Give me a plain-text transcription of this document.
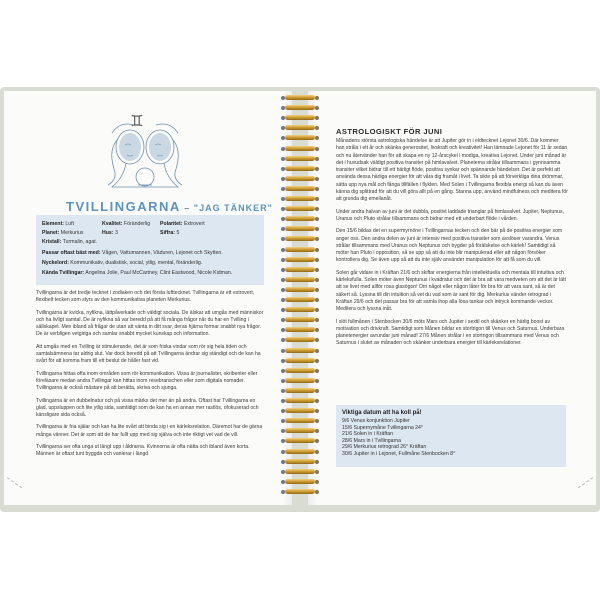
♊
TVILLINGARNA – "JAG TÄNKER"
Element: Luft	Kvalitet: Föränderlig Polaritet: Extrovert
Planet: Merkurius	Hus: 3	Siffra: 5
Kristall: Turmalin, agat.
Passar oftast bäst med: Vågen, Vattumannen, Väduren, Lejonet och Skytten.
Nyckelord: Kommunikativ, dualistisk, social, ytlig, mental, föränderlig.
Kända Tvillingar: Angelina Jolie, Paul McCartney, Clint Eastwood, Nicole Kidman.

Tvillingarna är det tredje tecknet i zodiaken och det första lufttecknet. Tvillingarna är ett extrovert, flexibelt tecken som styrs av den kommunikativa planeten Merkurius.

Tvillingarna är kvicka, nyfikna, lättpåverkade och väldigt sociala. De älskar att umgås med människor och ha livligt samtal. De är nyfikna så var beredd på att få många frågor när du har en Tvilling i sällskapet. Men ibland så frågar de utan att vänta in ditt svar, deras hjärna formar snabbt nya frågor. De är verbligen vetgiriga och samlar snabbt mycket kunskap och information.

Att umgås med en Tvilling är stimulerande, det är som friska vindar som rör sig hela tiden och samtalsämnena tar aldrig slut. Var dock beredd på att Tvillingarna ändrar sig ständigt och de kan ha svårt för att komma fram till ett beslut de håller fast vid.

Tvillingarna hittas ofta inom områden som rör kommunikation. Vissa är journalister, skribenter eller föreläsare medan andra Tvillingar kan hittas inom reseb​ranschen eller som digitala nomader. Tvillingarna är också mästare på att berätta, skriva och sjunga.

Tvillingarna är en dubbelnatur och på vissa märks det mer än på andra. Oftast har Tvillingarna en glad, uppsluppen och lite ytlig sida, samtidigt som de kan ha en annan mer rastlös, ofokuserad och känsligare sida också.

Tvillingarna är fria själar och kan ha lite svårt att binda sig i en kärleksrelation. Däremot har de gärna många vänner. Det är som att de har fullt upp med sig själva och inte riktigt vet vad de vill.

Tvillingarna ser ofta unga ut längt upp i åldrarna. Kvinnorna är ofta nätta och ibland även korta. Männen är oftast tunt byggda och vanierar i längd.

ASTROLOGISKT FÖR JUNI

Månadens största astrologiska händelse är att Jupiter gör in i eldtecknet Lejonet 30/6. Där kommer han stråla i ett år och skänka generositet, livskraft och kreativitet! Han lämnade Lejonet för 11 år sedan och nu återvänder han för att skapa en ny 12-årscykel i modiga, kreativa Lejonet. Under juni månad är det i huvudsak väldigt positiva transiter på himlavalvet. Planeterna strålar tillsammans i gynnsamma transiter vilket bidrar till ett härligt flöde, positiva synkar och spännande händelser. Det är perfekt att använda dessa härliga energier för att våra dig framåt i livet. Ta sikte på att förverkliga dina drömmar, sätta upp nya mål och fånga tillfällen i flykten. Med Solen i Tvillingarna flexibla energi så kan du även känna dig splittrad för att du vill göra allt på en gång. Stanna upp, använd mindfulness och meditera för att grunda dig emellanåt.

Under andra halvan av juni är det dubbla, positivt laddade trianglar på himlavalvet. Jupiter, Neptunus, Uranus och Pluto strålar tillsammans och bidrar med ett underbart flöde i vår​den.

Den 15/6 bildas det en supermyrnöne i Tvillingarnas tecken och den bär på de positiva energier som anger oss. Den andra delen av juni är intensiv med positiva transiter som avslöser varandra. Venus strålar tillsammans med Uranus och Neptunus och bygder på förälskelse och kärlek! Samtidigt så möter han Pluto i opposition, så se upp så att du inte blir manipulerad eller att någon försöker kontrollera dig. Se även upp så att du inte själv använder manipulation för att få som du vill.

Solen går vidare in i Kräftan 21/6 och skiftar energierna från intellektuella och mentala till intuitiva och kärleksfulla. Solen möter även Neptunus i kvadratur och det är bra att vara medveten om att det är lätt att se livet med allför rosa glasögon! Om något eller någon låter för bra för att vara sant, så är det säkert så. Lyssna till din intuition så vet du vad som är sant för dig. Merkurius vänder retrograd i Kräftan 29/6 och det passar bra för att samla ihop alla lösa tankar och intryck kommande veckor. Meditera och lyssna inåt.

I slöt fullmånen i Stenbocken 30/6 möts Mars och Jupiter i sextil och skänker en härlig boost av motivation och drivkraft. Samtidigt som Månen bildar en stortrigon till Venus och Saturnus. Underbara planetenergier avrundar juni månad! 27/6 Månen strålar i en stortrigon tillsammans med Venus och Saturnus i slutet av månaden och skänker underbara energier till kärleksrelationer.

Viktiga datum att ha koll på!
9/6 Venus konjunktion Jupiter
15/6 Supernymåne Tvillingarna 24°
21/6 Solen in i Kräftan
28/6 Mars in i Tvillingarna
29/6 Merkurius retrograd 26° Kräftan
30/6 Jupiter in i Lejonet, Fullmåne Stenbocken 8°
